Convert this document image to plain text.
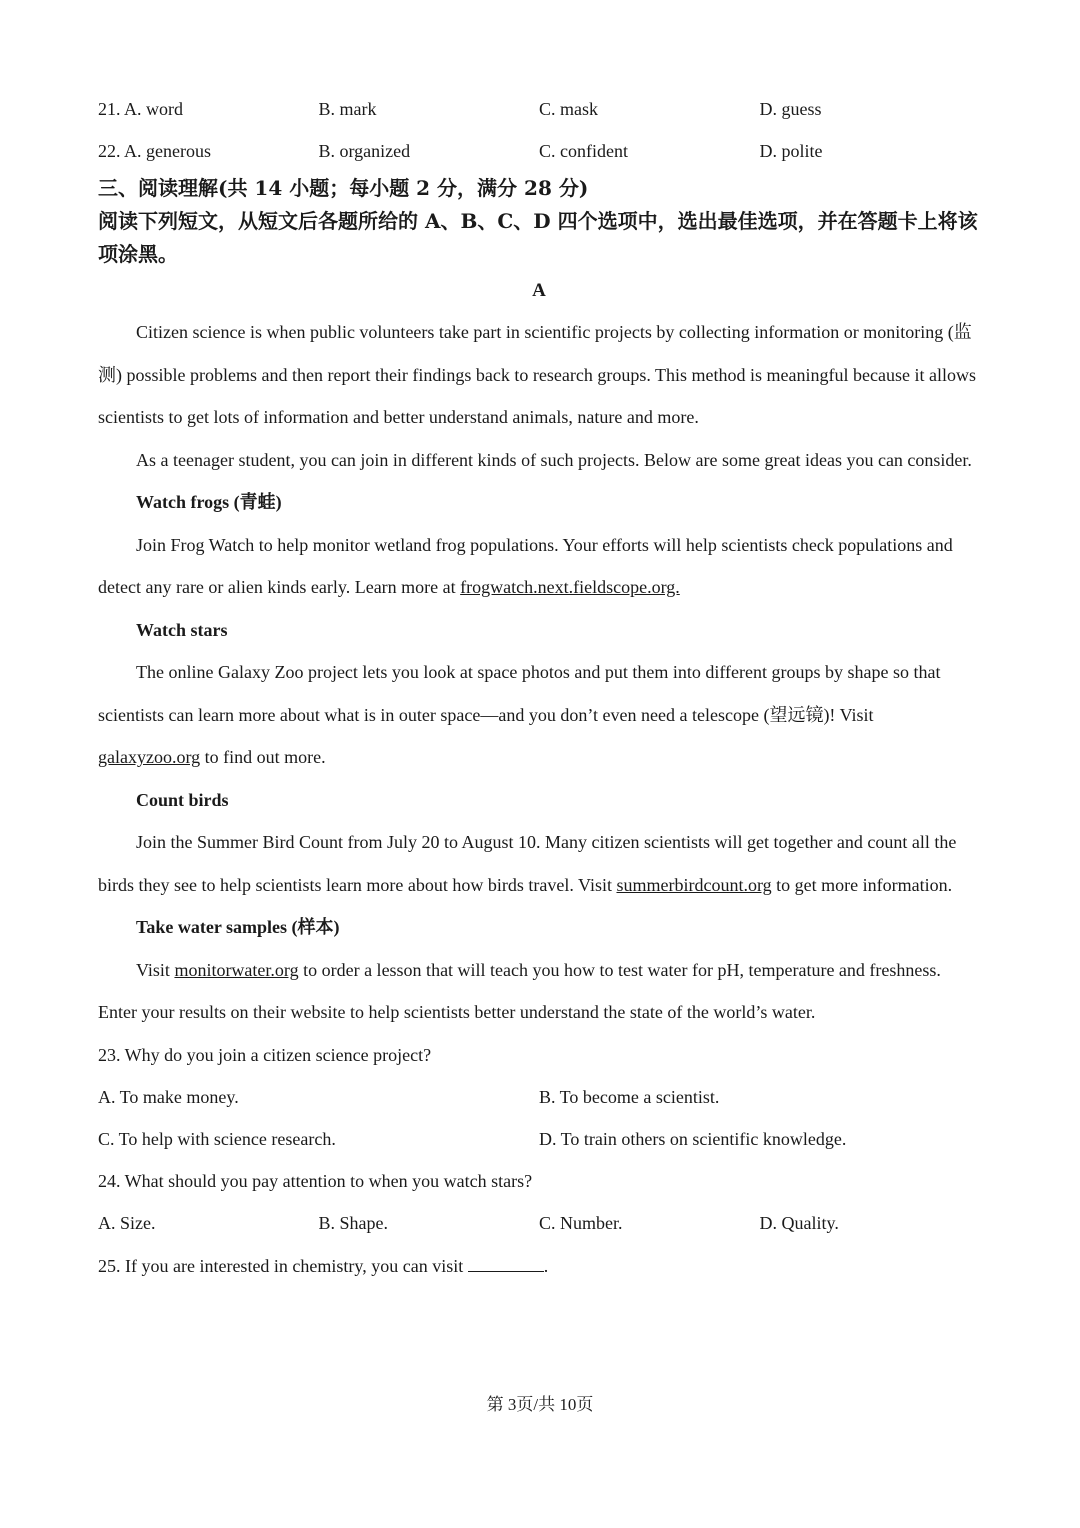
21. A. word	B. mark	C. mask	D. guess
22. A. generous	B. organized	C. confident	D. polite
三、阅读理解(共 14 小题；每小题 2 分，满分 28 分)
阅读下列短文，从短文后各题所给的 A、B、C、D 四个选项中，选出最佳选项，并在答题卡上将该项涂黑。
A

Citizen science is when public volunteers take part in scientific projects by collecting information or monitoring (监测) possible problems and then report their findings back to research groups. This method is meaningful because it allows scientists to get lots of information and better understand animals, nature and more.

As a teenager student, you can join in different kinds of such projects. Below are some great ideas you can consider.

Watch frogs (青蛙)

Join Frog Watch to help monitor wetland frog populations. Your efforts will help scientists check populations and detect any rare or alien kinds early. Learn more at frogwatch.next.fieldscope.org.

Watch stars

The online Galaxy Zoo project lets you look at space photos and put them into different groups by shape so that scientists can learn more about what is in outer space—and you don’t even need a telescope (望远镜)! Visit galaxyzoo.org to find out more.

Count birds

Join the Summer Bird Count from July 20 to August 10. Many citizen scientists will get together and count all the birds they see to help scientists learn more about how birds travel. Visit summerbirdcount.org to get more information.

Take water samples (样本)

Visit monitorwater.org to order a lesson that will teach you how to test water for pH, temperature and freshness. Enter your results on their website to help scientists better understand the state of the world’s water.

23. Why do you join a citizen science project?
A. To make money.	B. To become a scientist.
C. To help with science research.	D. To train others on scientific knowledge.
24. What should you pay attention to when you watch stars?
A. Size.	B. Shape.	C. Number.	D. Quality.
25. If you are interested in chemistry, you can visit	.
第 3页/共 10页
